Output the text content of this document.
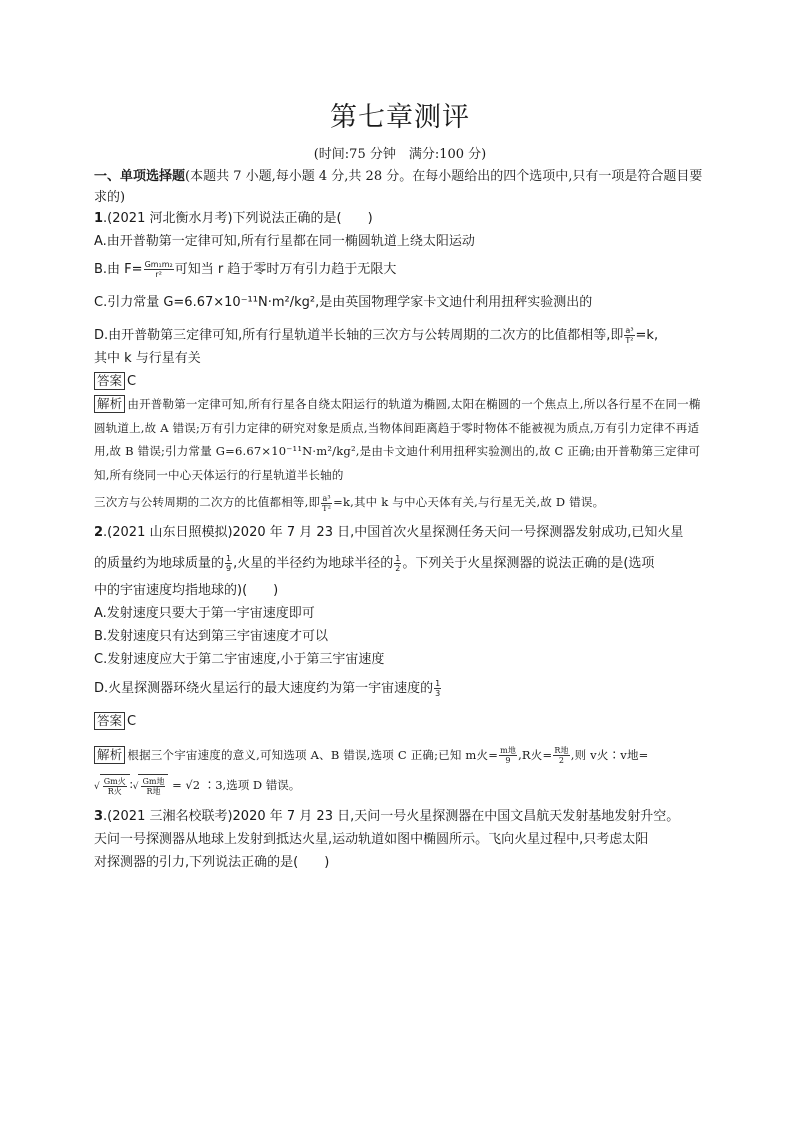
第七章测评
(时间:75 分钟　满分:100 分)
一、单项选择题(本题共 7 小题,每小题 4 分,共 28 分。在每小题给出的四个选项中,只有一项是符合题目要求的)
1.(2021 河北衡水月考)下列说法正确的是(　　)
A.由开普勒第一定律可知,所有行星都在同一椭圆轨道上绕太阳运动
B.由 $F= \frac{\text{Gm₁m₂}}{\text{r²}}$ 可知当 r 趋于零时万有引力趋于无限大
C.引力常量 G=6.67×10⁻¹¹N·m²/kg²,是由英国物理学家卡文迪什利用扭秤实验测出的
D.由开普勒第三定律可知,所有行星轨道半长轴的三次方与公转周期的二次方的比值都相等,即 $\frac{\text{a³}}{\text{T²}} =k$,
其中 k 与行星有关
答案 C
解析 由开普勒第一定律可知,所有行星各自绕太阳运行的轨道为椭圆,太阳在椭圆的一个焦点上,所以各行星不在同一椭圆轨道上,故 A 错误;万有引力定律的研究对象是质点,当物体间距离趋于零时物体不能被视为质点,万有引力定律不再适用,故 B 错误;引力常量 G=6.67×10⁻¹¹N·m²/kg²,是由卡文迪什利用扭秤实验测出的,故 C 正确;由开普勒第三定律可知,所有绕同一中心天体运行的行星轨道半长轴的
三次方与公转周期的二次方的比值都相等,即 $\frac{\text{a³}}{\text{T²}} =k$,其中 k 与中心天体有关,与行星无关,故 D 错误。
2.(2021 山东日照模拟)2020 年 7 月 23 日,中国首次火星探测任务天问一号探测器发射成功,已知火星
的质量约为地球质量的 $\frac{1}{9}$ ,火星的半径约为地球半径的 $\frac{1}{2}$ 。下列关于火星探测器的说法正确的是(选项
中的宇宙速度均指地球的)(　　)
A.发射速度只要大于第一宇宙速度即可
B.发射速度只有达到第三宇宙速度才可以
C.发射速度应大于第二宇宙速度,小于第三宇宙速度
D.火星探测器环绕火星运行的最大速度约为第一宇宙速度的 $\frac{1}{3}$
答案 C
解析 根据三个宇宙速度的意义,可知选项 A、B 错误,选项 C 正确;已知 m火= $\frac{\text{m地}}{9} ,R$火= $\frac{\text{R地}}{2}$ ,则 v火∶v地=
√ $\frac{\text{Gm火}}{\text{R火}}$ ∶√ $\frac{\text{Gm地}}{\text{R地}} = √2$ ∶3,选项 D 错误。
3.(2021 三湘名校联考)2020 年 7 月 23 日,天问一号火星探测器在中国文昌航天发射基地发射升空。
天问一号探测器从地球上发射到抵达火星,运动轨道如图中椭圆所示。飞向火星过程中,只考虑太阳
对探测器的引力,下列说法正确的是(　　)
